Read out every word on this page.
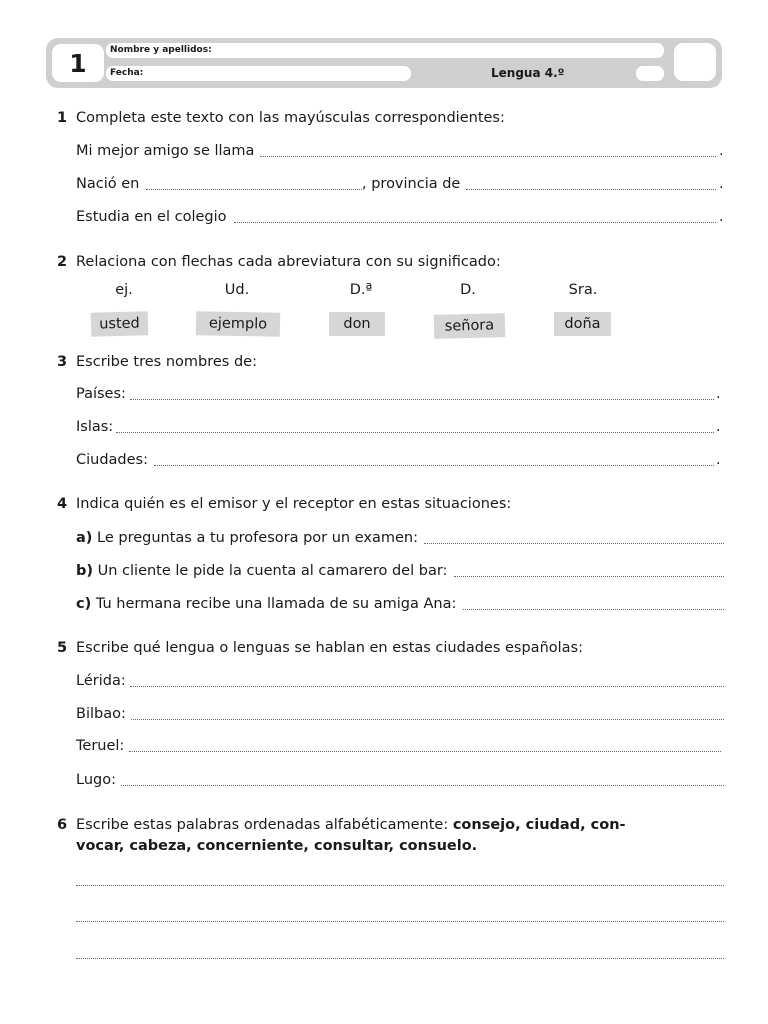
1	Nombre y apellidos:
Fecha:	Lengua 4.º
1 Completa este texto con las mayúsculas correspondientes:
Mi mejor amigo se llama	.
Nació en	, provincia de	.
Estudia en el colegio	.
2 Relaciona con flechas cada abreviatura con su significado:
ej.	Ud.	D.ª	D.	Sra.
usted	ejemplo	don	señora	doña
3 Escribe tres nombres de:
Países:	.
Islas:	.
Ciudades:	.
4 Indica quién es el emisor y el receptor en estas situaciones:
a) Le preguntas a tu profesora por un examen:
b) Un cliente le pide la cuenta al camarero del bar:
c) Tu hermana recibe una llamada de su amiga Ana:
5 Escribe qué lengua o lenguas se hablan en estas ciudades españolas:
Lérida:
Bilbao:
Teruel:
Lugo:
6 Escribe estas palabras ordenadas alfabéticamente: consejo, ciudad, con-
vocar, cabeza, concerniente, consultar, consuelo.
